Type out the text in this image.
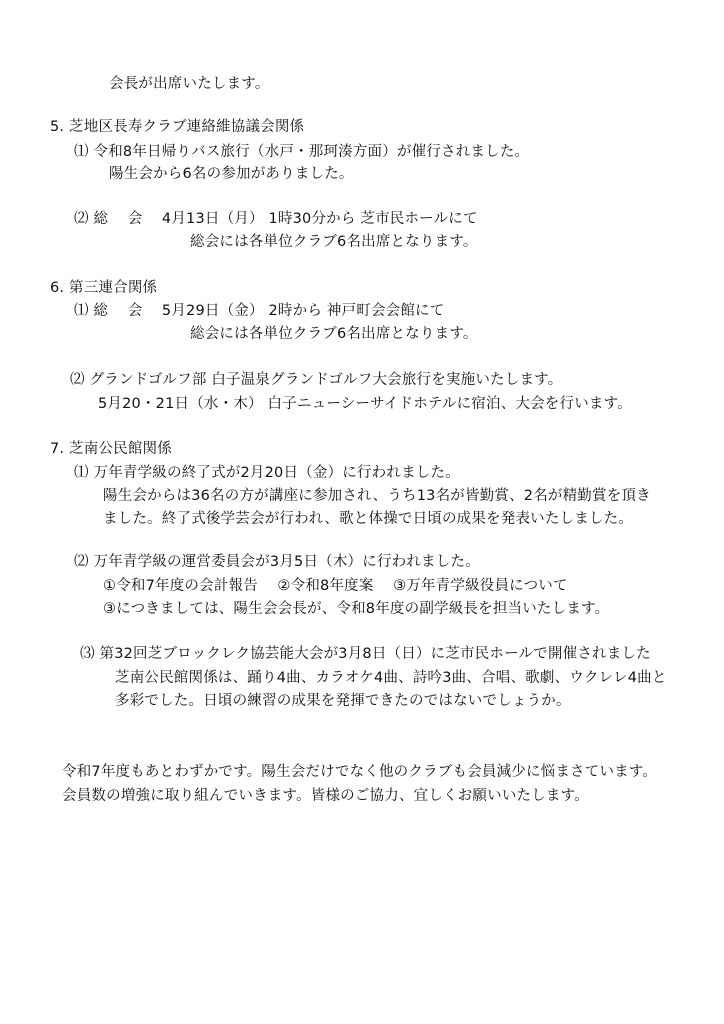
会長が出席いたします。
5. 芝地区長寿クラブ連絡維協議会関係
⑴ 令和8年日帰りバス旅行（水戸・那珂湊方面）が催行されました。
陽生会から6名の参加がありました。
⑵ 総　 会　 4月13日（月） 1時30分から 芝市民ホールにて
総会には各単位クラブ6名出席となります。
6. 第三連合関係
⑴ 総　 会　 5月29日（金） 2時から 神戸町会会館にて
総会には各単位クラブ6名出席となります。
⑵ グランドゴルフ部 白子温泉グランドゴルフ大会旅行を実施いたします。
5月20・21日（水・木） 白子ニューシーサイドホテルに宿泊、大会を行います。
7. 芝南公民館関係
⑴ 万年青学級の終了式が2月20日（金）に行われました。
陽生会からは36名の方が講座に参加され、うち13名が皆勤賞、2名が精勤賞を頂き
ました。終了式後学芸会が行われ、歌と体操で日頃の成果を発表いたしました。
⑵ 万年青学級の運営委員会が3月5日（木）に行われました。
①令和7年度の会計報告　 ②令和8年度案　 ③万年青学級役員について
③につきましては、陽生会会長が、令和8年度の副学級長を担当いたします。
⑶ 第32回芝ブロックレク協芸能大会が3月8日（日）に芝市民ホールで開催されました
芝南公民館関係は、踊り4曲、カラオケ4曲、詩吟3曲、合唱、歌劇、ウクレレ4曲と
多彩でした。日頃の練習の成果を発揮できたのではないでしょうか。
令和7年度もあとわずかです。陽生会だけでなく他のクラブも会員減少に悩まさています。
会員数の増強に取り組んでいきます。皆様のご協力、宜しくお願いいたします。
